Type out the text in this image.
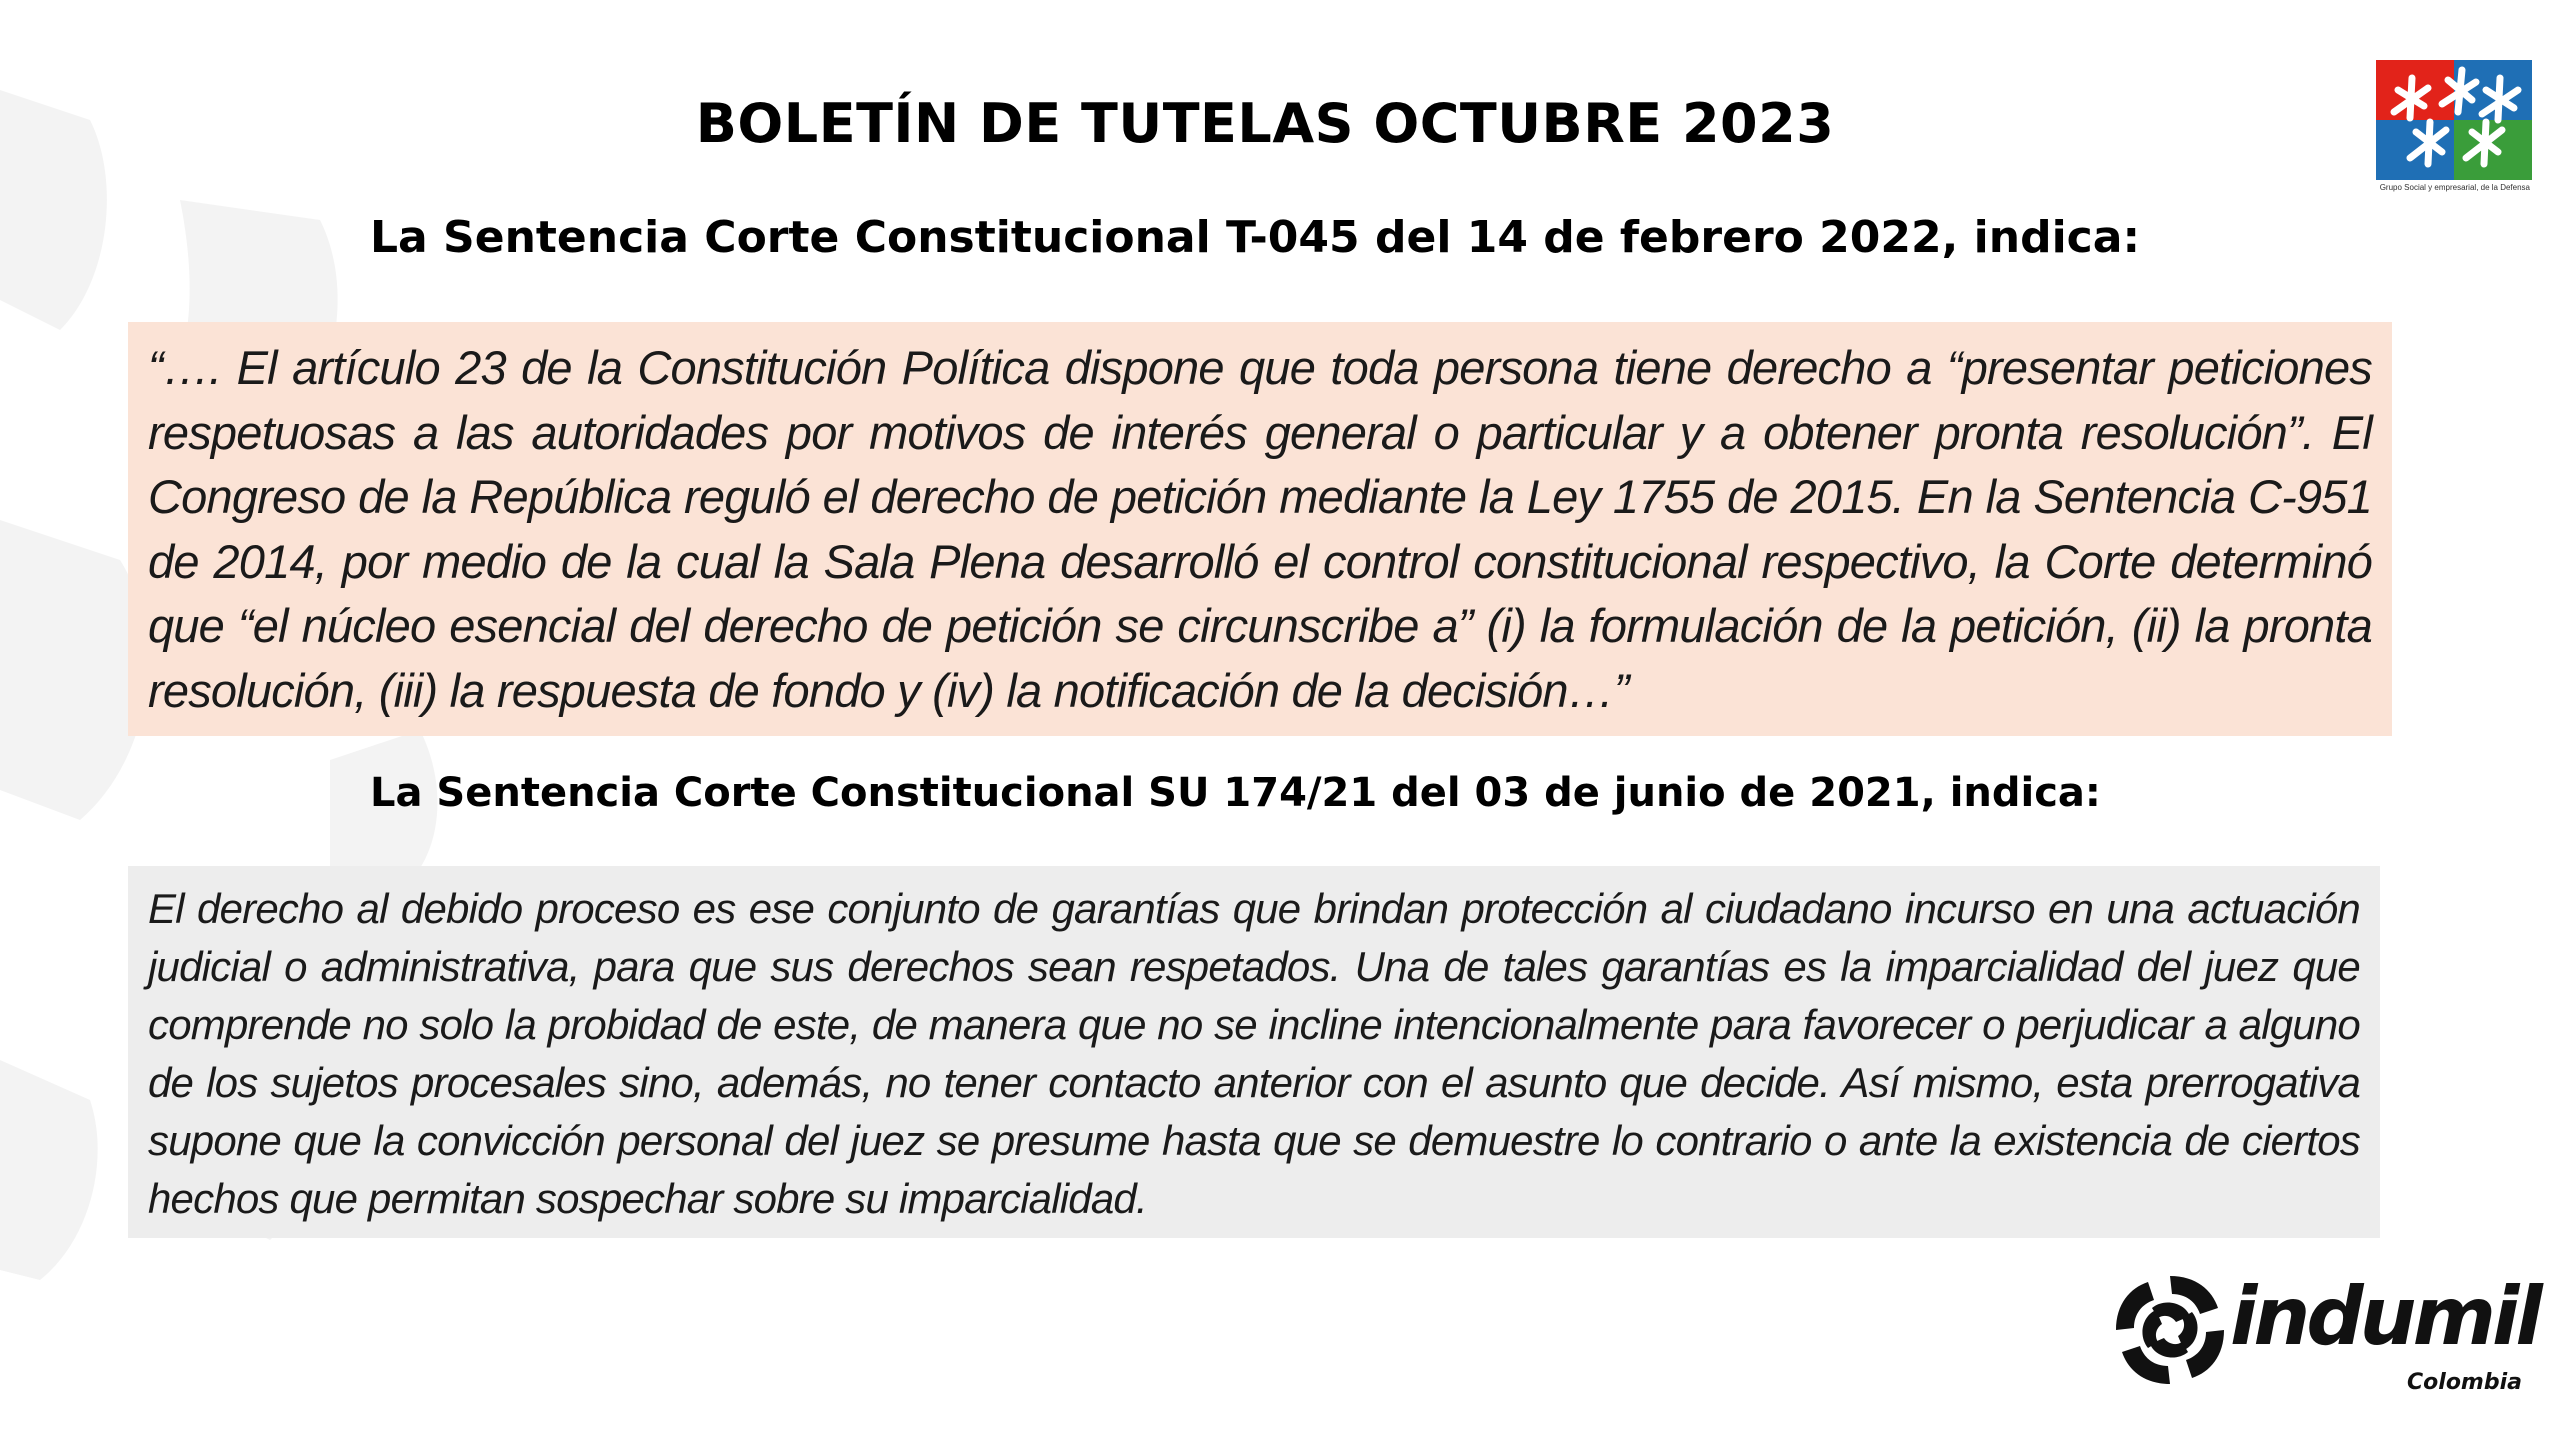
BOLETÍN DE TUTELAS OCTUBRE 2023
La Sentencia Corte Constitucional T-045 del 14 de febrero 2022, indica:
“…. El artículo 23 de la Constitución Política dispone que toda persona tiene derecho a “presentar peticiones respetuosas a las autoridades por motivos de interés general o particular y a obtener pronta resolución”. El Congreso de la República reguló el derecho de petición mediante la Ley 1755 de 2015. En la Sentencia C-951 de 2014, por medio de la cual la Sala Plena desarrolló el control constitucional respectivo, la Corte determinó que “el núcleo esencial del derecho de petición se circunscribe a” (i) la formulación de la petición, (ii) la pronta resolución, (iii) la respuesta de fondo y (iv) la notificación de la decisión…”
La Sentencia Corte Constitucional SU 174/21 del 03 de junio de 2021, indica:
El derecho al debido proceso es ese conjunto de garantías que brindan protección al ciudadano incurso en una actuación judicial o administrativa, para que sus derechos sean respetados. Una de tales garantías es la imparcialidad del juez que comprende no solo la probidad de este, de manera que no se incline intencionalmente para favorecer o perjudicar a alguno de los sujetos procesales sino, además, no tener contacto anterior con el asunto que decide. Así mismo, esta prerrogativa supone que la convicción personal del juez se presume hasta que se demuestre lo contrario o ante la existencia de ciertos hechos que permitan sospechar sobre su imparcialidad.
Grupo Social y empresarial, de la Defensa
indumil
Colombia
